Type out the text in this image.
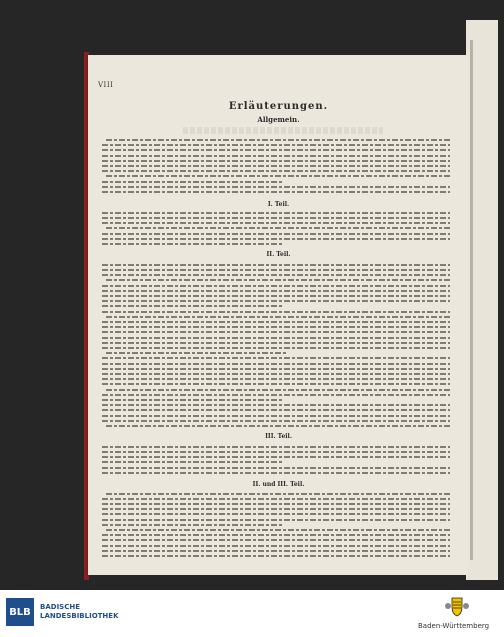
VIII
Erläuterungen.
Allgemein.
I. Teil.
II. Teil.
III. Teil.
II. und III. Teil.
BLB	BADISCHE
LANDESBIBLIOTHEK
Baden-Württemberg
